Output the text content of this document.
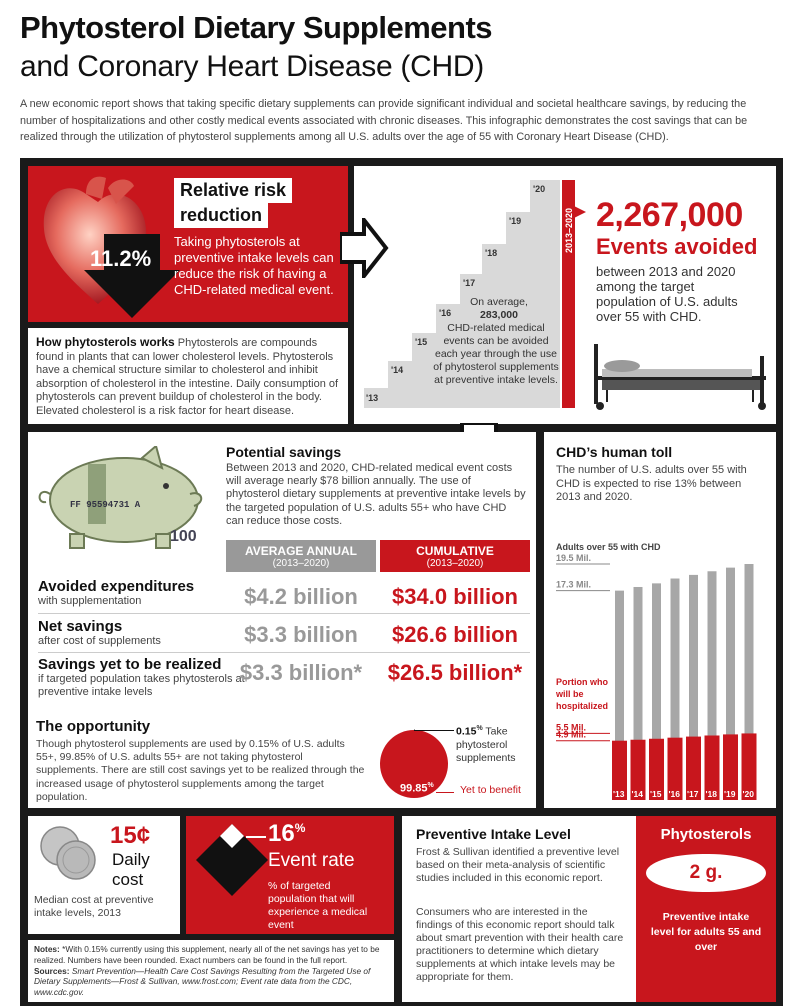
Phytosterol Dietary Supplements
and Coronary Heart Disease (CHD)
A new economic report shows that taking specific dietary supplements can provide significant individual and societal healthcare savings, by reducing the number of hospitalizations and other costly medical events associated with chronic diseases. This infographic demonstrates the cost savings that can be realized through the utilization of phytosterol supplements among all U.S. adults over the age of 55 with Coronary Heart Disease (CHD).
11.2%
Relative risk
reduction
Taking phytosterols at preventive intake levels can reduce the risk of having a CHD-related medical event.
How phytosterols works Phytosterols are compounds found in plants that can lower cholesterol levels. Phytosterols have a chemical structure similar to cholesterol and inhibit absorption of cholesterol in the intestine. Daily consumption of phytosterols can prevent buildup of cholesterol in the body. Elevated cholesterol is a risk factor for heart disease.
'13
'14
'15
'16
'17
'18
'19
'20
On average,
283,000
CHD-related medical events can be avoided each year through the use of phytosterol supplements at preventive intake levels.
2013–2020 2,267,000
Events avoided
between 2013 and 2020 among the target population of U.S. adults over 55 with CHD.
FF 95594731 A
100
Potential savings
Between 2013 and 2020, CHD-related medical event costs will average nearly $78 billion annually. The use of phytosterol dietary supplements at preventive intake levels by the targeted population of U.S. adults 55+ who have CHD can reduce those costs.
AVERAGE ANNUAL
(2013–2020)
CUMULATIVE
(2013–2020)
Avoided expenditures
with supplementation	$4.2 billion	$34.0 billion
Net savings
after cost of supplements	$3.3 billion	$26.6 billion
Savings yet to be realized
if targeted population takes phytosterols at preventive intake levels
$3.3 billion*	$26.5 billion*
The opportunity
Though phytosterol supplements are used by 0.15% of U.S. adults 55+, 99.85% of U.S. adults 55+ are not taking phytosterol supplements. There are still cost savings yet to be realized through the increased usage of phytosterol supplements among the target population.
99.85%
0.15% Take phytosterol supplements
Yet to benefit
CHD’s human toll
The number of U.S. adults over 55 with CHD is expected to rise 13% between 2013 and 2020.
Adults over 55 with CHD
19.5 Mil.
17.3 Mil.
5.5 Mil.
4.9 Mil.
'13 '14 '15 '16 '17 '18 '19 '20
Portion who will be hospitalized
15¢
Daily
cost
Median cost at preventive intake levels, 2013
16%
Event rate
% of targeted population that will experience a medical event
Notes: *With 0.15% currently using this supplement, nearly all of the net savings has yet to be realized. Numbers have been rounded. Exact numbers can be found in the full report.
Sources: Smart Prevention—Health Care Cost Savings Resulting from the Targeted Use of Dietary Supplements—Frost & Sullivan, www.frost.com; Event rate data from the CDC, www.cdc.gov.
Preventive Intake Level
Frost & Sullivan identified a preventive level based on their meta-analysis of scientific studies included in this economic report.
Consumers who are interested in the findings of this economic report should talk about smart prevention with their health care practitioners to determine which dietary supplements at which intake levels may be appropriate for them.
Phytosterols
2 g.
Preventive intake level for adults 55 and over
